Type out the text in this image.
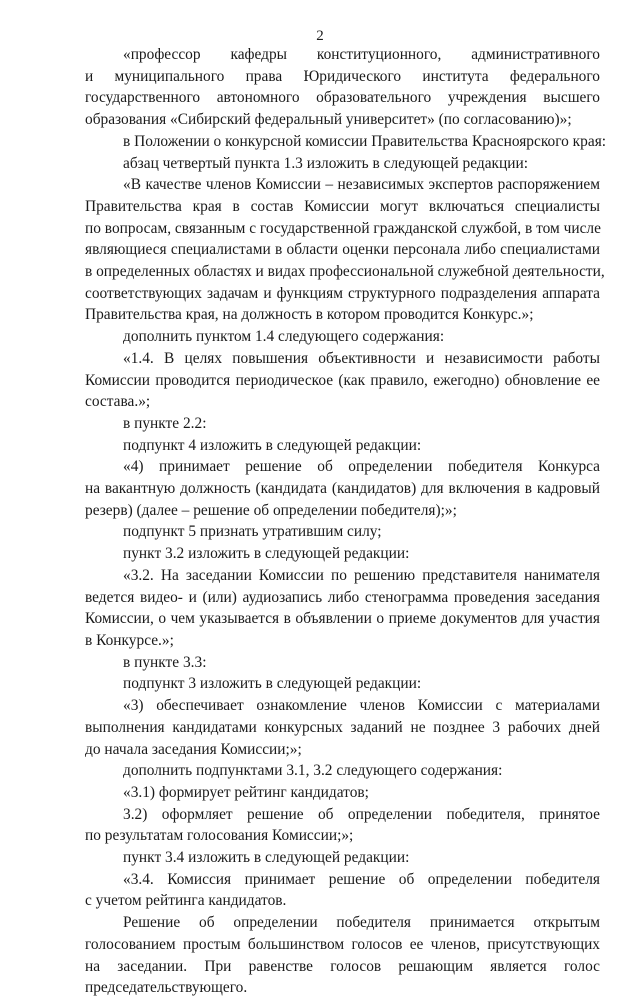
2
«профессор кафедры конституционного, административного
и муниципального права Юридического института федерального
государственного автономного образовательного учреждения высшего
образования «Сибирский федеральный университет» (по согласованию)»;
в Положении о конкурсной комиссии Правительства Красноярского края:
абзац четвертый пункта 1.3 изложить в следующей редакции:
«В качестве членов Комиссии – независимых экспертов распоряжением
Правительства края в состав Комиссии могут включаться специалисты
по вопросам, связанным с государственной гражданской службой, в том числе
являющиеся специалистами в области оценки персонала либо специалистами
в определенных областях и видах профессиональной служебной деятельности,
соответствующих задачам и функциям структурного подразделения аппарата
Правительства края, на должность в котором проводится Конкурс.»;
дополнить пунктом 1.4 следующего содержания:
«1.4. В целях повышения объективности и независимости работы
Комиссии проводится периодическое (как правило, ежегодно) обновление ее
состава.»;
в пункте 2.2:
подпункт 4 изложить в следующей редакции:
«4) принимает решение об определении победителя Конкурса
на вакантную должность (кандидата (кандидатов) для включения в кадровый
резерв) (далее – решение об определении победителя);»;
подпункт 5 признать утратившим силу;
пункт 3.2 изложить в следующей редакции:
«3.2. На заседании Комиссии по решению представителя нанимателя
ведется видео- и (или) аудиозапись либо стенограмма проведения заседания
Комиссии, о чем указывается в объявлении о приеме документов для участия
в Конкурсе.»;
в пункте 3.3:
подпункт 3 изложить в следующей редакции:
«3) обеспечивает ознакомление членов Комиссии с материалами
выполнения кандидатами конкурсных заданий не позднее 3 рабочих дней
до начала заседания Комиссии;»;
дополнить подпунктами 3.1, 3.2 следующего содержания:
«3.1) формирует рейтинг кандидатов;
3.2) оформляет решение об определении победителя, принятое
по результатам голосования Комиссии;»;
пункт 3.4 изложить в следующей редакции:
«3.4. Комиссия принимает решение об определении победителя
с учетом рейтинга кандидатов.
Решение об определении победителя принимается открытым
голосованием простым большинством голосов ее членов, присутствующих
на заседании. При равенстве голосов решающим является голос
председательствующего.
